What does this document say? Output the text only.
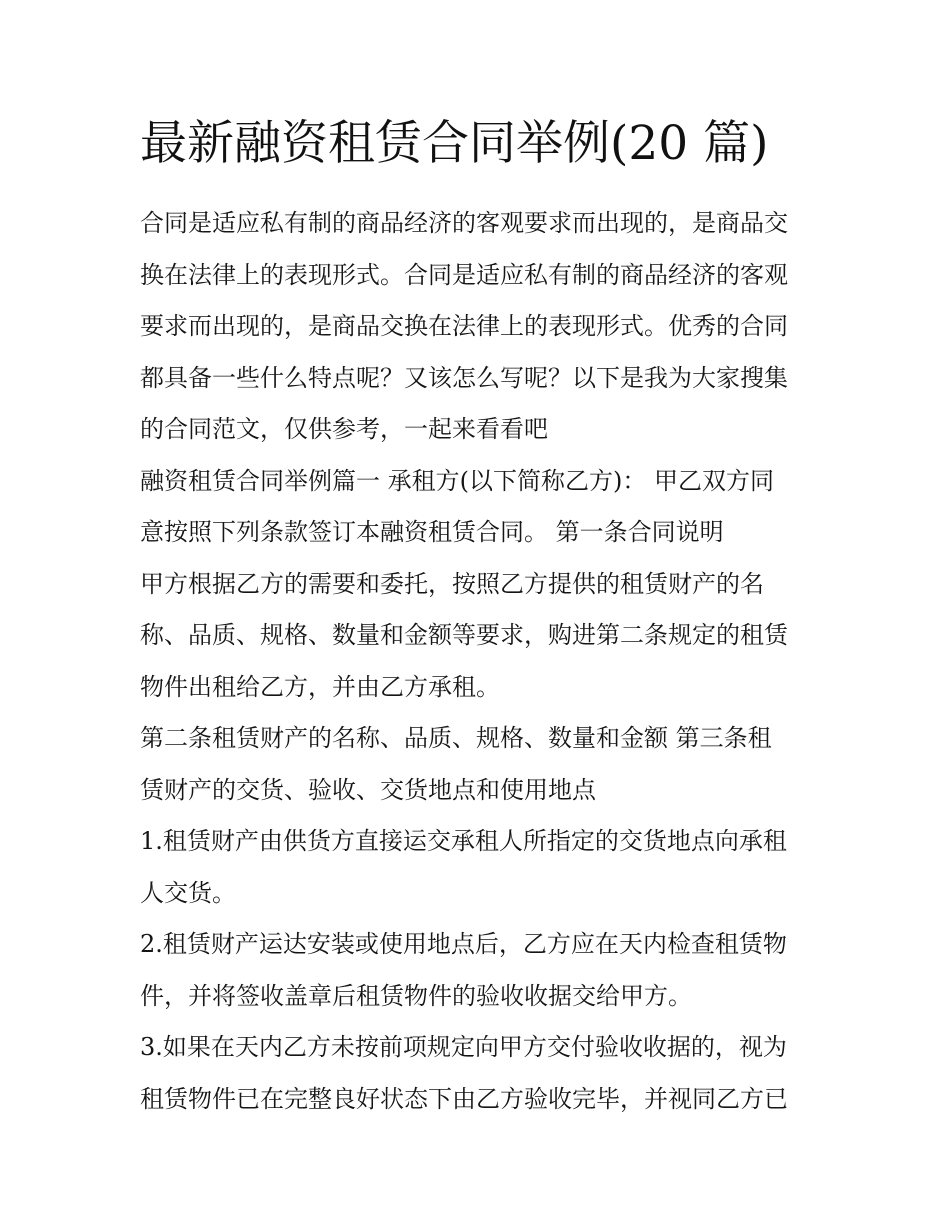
最新融资租赁合同举例(20 篇)
合同是适应私有制的商品经济的客观要求而出现的，是商品交
换在法律上的表现形式。合同是适应私有制的商品经济的客观
要求而出现的，是商品交换在法律上的表现形式。优秀的合同
都具备一些什么特点呢？又该怎么写呢？以下是我为大家搜集
的合同范文，仅供参考，一起来看看吧
融资租赁合同举例篇一 承租方(以下简称乙方)： 甲乙双方同
意按照下列条款签订本融资租赁合同。 第一条合同说明
甲方根据乙方的需要和委托，按照乙方提供的租赁财产的名
称、品质、规格、数量和金额等要求，购进第二条规定的租赁
物件出租给乙方，并由乙方承租。
第二条租赁财产的名称、品质、规格、数量和金额 第三条租
赁财产的交货、验收、交货地点和使用地点
1.租赁财产由供货方直接运交承租人所指定的交货地点向承租
人交货。
2.租赁财产运达安装或使用地点后，乙方应在天内检查租赁物
件，并将签收盖章后租赁物件的验收收据交给甲方。
3.如果在天内乙方未按前项规定向甲方交付验收收据的，视为
租赁物件已在完整良好状态下由乙方验收完毕，并视同乙方已
